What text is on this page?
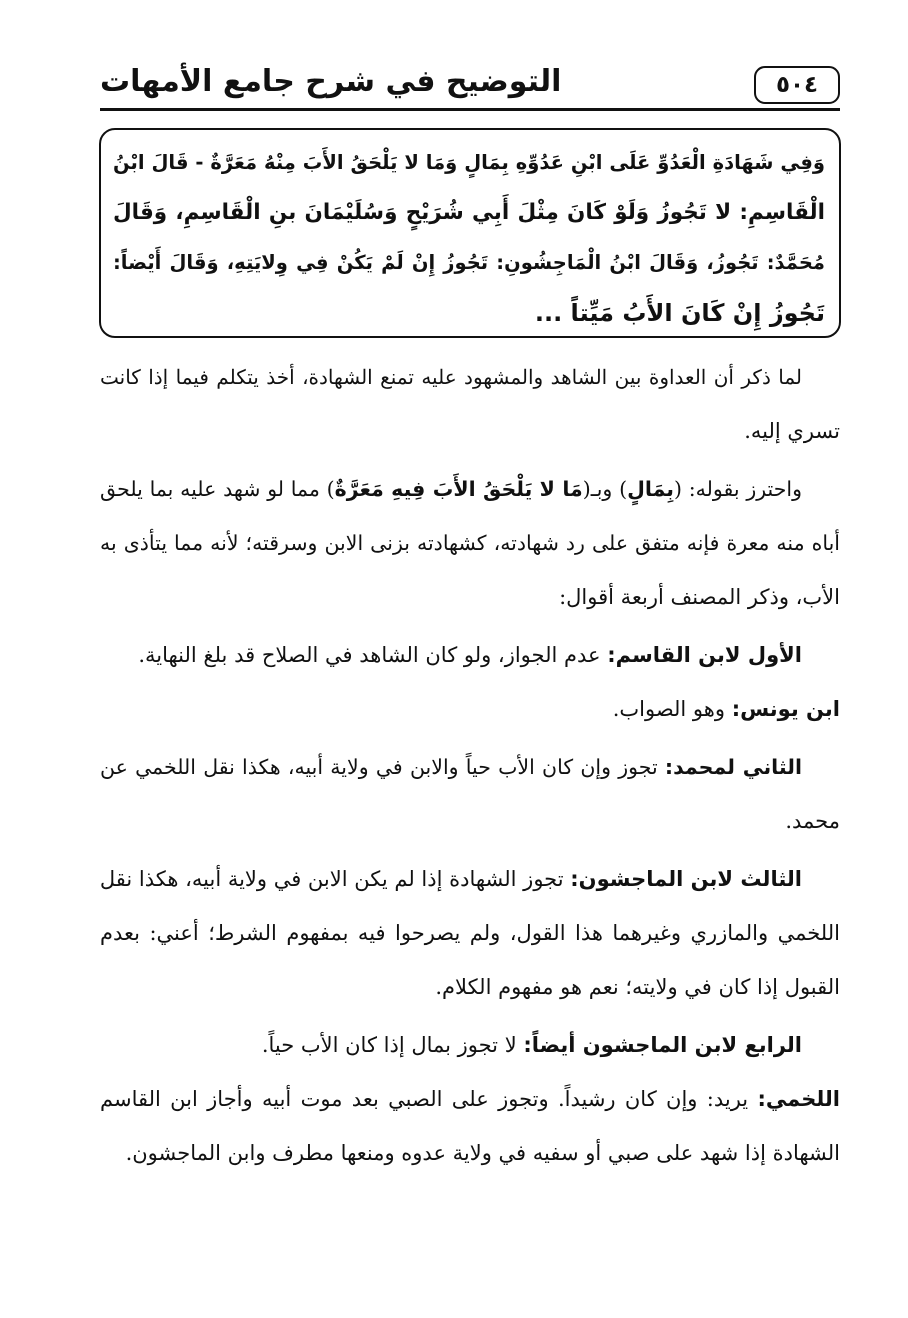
٥٠٤
التوضيح في شرح جامع الأمهات
وَفِي شَهَادَةِ الْعَدُوِّ عَلَى ابْنِ عَدُوِّهِ بِمَالٍ وَمَا لا يَلْحَقُ الأَبَ مِنْهُ مَعَرَّةٌ - قَالَ ابْنُ
الْقَاسِمِ: لا تَجُوزُ وَلَوْ كَانَ مِثْلَ أَبِي شُرَيْحٍ وَسُلَيْمَانَ بنِ الْقَاسِمِ، وَقَالَ
مُحَمَّدٌ: تَجُوزُ، وَقَالَ ابْنُ الْمَاجِشُونِ: تَجُوزُ إِنْ لَمْ يَكُنْ فِي وِلايَتِهِ، وَقَالَ أَيْضاً:
تَجُوزُ إِنْ كَانَ الأَبُ مَيِّتاً ...
لما ذكر أن العداوة بين الشاهد والمشهود عليه تمنع الشهادة، أخذ يتكلم فيما إذا كانت
تسري إليه.
واحترز بقوله: (بِمَالٍ) وبـ(مَا لا يَلْحَقُ الأَبَ فِيهِ مَعَرَّةٌ) مما لو شهد عليه بما يلحق
أباه منه معرة فإنه متفق على رد شهادته، كشهادته بزنى الابن وسرقته؛ لأنه مما يتأذى به
الأب، وذكر المصنف أربعة أقوال:
الأول لابن القاسم: عدم الجواز، ولو كان الشاهد في الصلاح قد بلغ النهاية.
ابن يونس: وهو الصواب.
الثاني لمحمد: تجوز وإن كان الأب حياً والابن في ولاية أبيه، هكذا نقل اللخمي عن
محمد.
الثالث لابن الماجشون: تجوز الشهادة إذا لم يكن الابن في ولاية أبيه، هكذا نقل
اللخمي والمازري وغيرهما هذا القول، ولم يصرحوا فيه بمفهوم الشرط؛ أعني: بعدم
القبول إذا كان في ولايته؛ نعم هو مفهوم الكلام.
الرابع لابن الماجشون أيضاً: لا تجوز بمال إذا كان الأب حياً.
اللخمي: يريد: وإن كان رشيداً. وتجوز على الصبي بعد موت أبيه وأجاز ابن القاسم
الشهادة إذا شهد على صبي أو سفيه في ولاية عدوه ومنعها مطرف وابن الماجشون.
